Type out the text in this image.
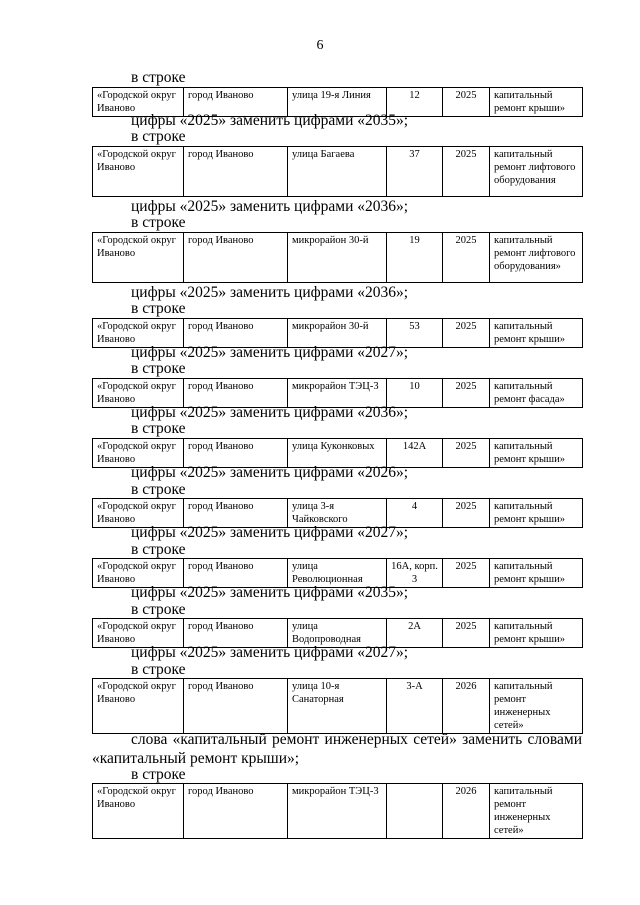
6
в строке
«Городской округ Иваново	город Иваново	улица 19-я Линия	12	2025	капитальный ремонт крыши»
цифры «2025» заменить цифрами «2035»;
в строке
«Городской округ Иваново	город Иваново	улица Багаева	37	2025	капитальный ремонт лифтового оборудования
цифры «2025» заменить цифрами «2036»;
в строке
«Городской округ Иваново	город Иваново	микрорайон 30-й	19	2025	капитальный ремонт лифтового оборудования»
цифры «2025» заменить цифрами «2036»;
в строке
«Городской округ Иваново	город Иваново	микрорайон 30-й	53	2025	капитальный ремонт крыши»
цифры «2025» заменить цифрами «2027»;
в строке
«Городской округ Иваново	город Иваново	микрорайон ТЭЦ-3	10	2025	капитальный ремонт фасада»
цифры «2025» заменить цифрами «2036»;
в строке
«Городской округ Иваново	город Иваново	улица Куконковых	142А	2025	капитальный ремонт крыши»
цифры «2025» заменить цифрами «2026»;
в строке
«Городской округ Иваново	город Иваново	улица 3-я Чайковского	4	2025	капитальный ремонт крыши»
цифры «2025» заменить цифрами «2027»;
в строке
«Городской округ Иваново	город Иваново	улица Революционная	16А, корп. 3	2025	капитальный ремонт крыши»
цифры «2025» заменить цифрами «2035»;
в строке
«Городской округ Иваново	город Иваново	улица Водопроводная	2А	2025	капитальный ремонт крыши»
цифры «2025» заменить цифрами «2027»;
в строке
«Городской округ Иваново	город Иваново	улица 10-я Санаторная	3-А	2026	капитальный ремонт инженерных сетей»
слова «капитальный ремонт инженерных сетей» заменить словами
«капитальный ремонт крыши»;
в строке
«Городской округ Иваново	город Иваново	микрорайон ТЭЦ-3		2026	капитальный ремонт инженерных сетей»
